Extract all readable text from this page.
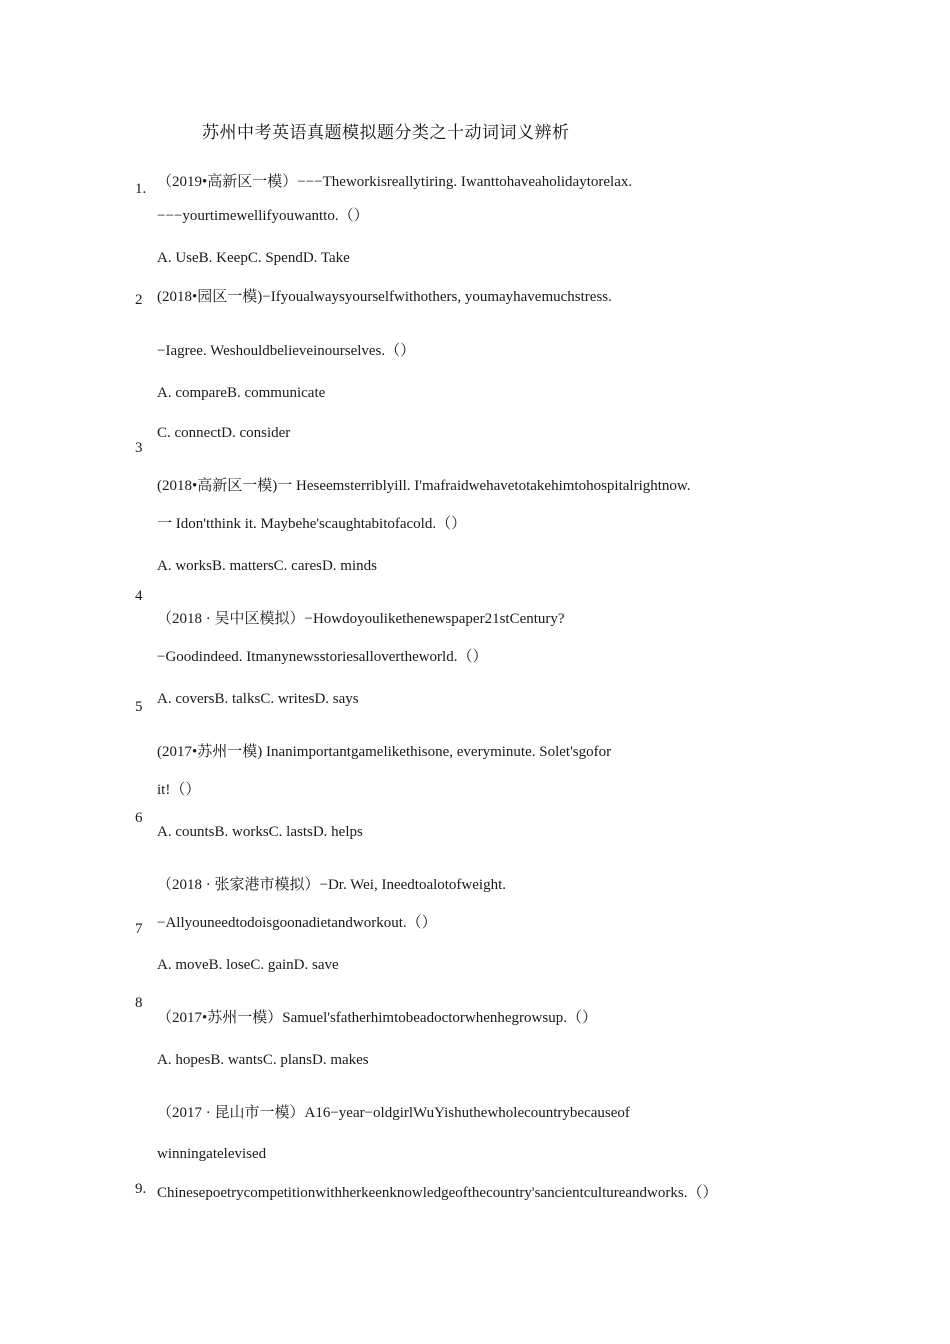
苏州中考英语真题模拟题分类之十动词词义辨析
1.
2
3
4
5
6
7
8
9.
（2019•高新区一模）−−−Theworkisreallytiring. Iwanttohaveaholidaytorelax.
−−−yourtimewellifyouwantto.（）
A. UseB. KeepC. SpendD. Take
(2018•园区一模)−Ifyoualwaysyourselfwithothers, youmayhavemuchstress.
−Iagree. Weshouldbelieveinourselves.（）
A. compareB. communicate
C. connectD. consider
(2018•高新区一模)一 Heseemsterriblyill. I'mafraidwehavetotakehimtohospitalrightnow.
一 Idon'tthink it. Maybehe'scaughtabitofacold.（）
A. worksB. mattersC. caresD. minds
（2018 · 吴中区模拟）−Howdoyoulikethenewspaper21stCentury?
−Goodindeed. Itmanynewsstoriesallovertheworld.（）
A. coversB. talksC. writesD. says
(2017•苏州一模) Inanimportantgamelikethisone, everyminute. Solet'sgofor
it!（）
A. countsB. worksC. lastsD. helps
（2018 · 张家港市模拟）−Dr. Wei, Ineedtoalotofweight.
−Allyouneedtodoisgoonadietandworkout.（）
A. moveB. loseC. gainD. save
（2017•苏州一模）Samuel'sfatherhimtobeadoctorwhenhegrowsup.（）
A. hopesB. wantsC. plansD. makes
（2017 · 昆山市一模）A16−year−oldgirlWuYishuthewholecountrybecauseof
winningatelevised
Chinesepoetrycompetitionwithherkeenknowledgeofthecountry'sancientcultureandworks.（）
